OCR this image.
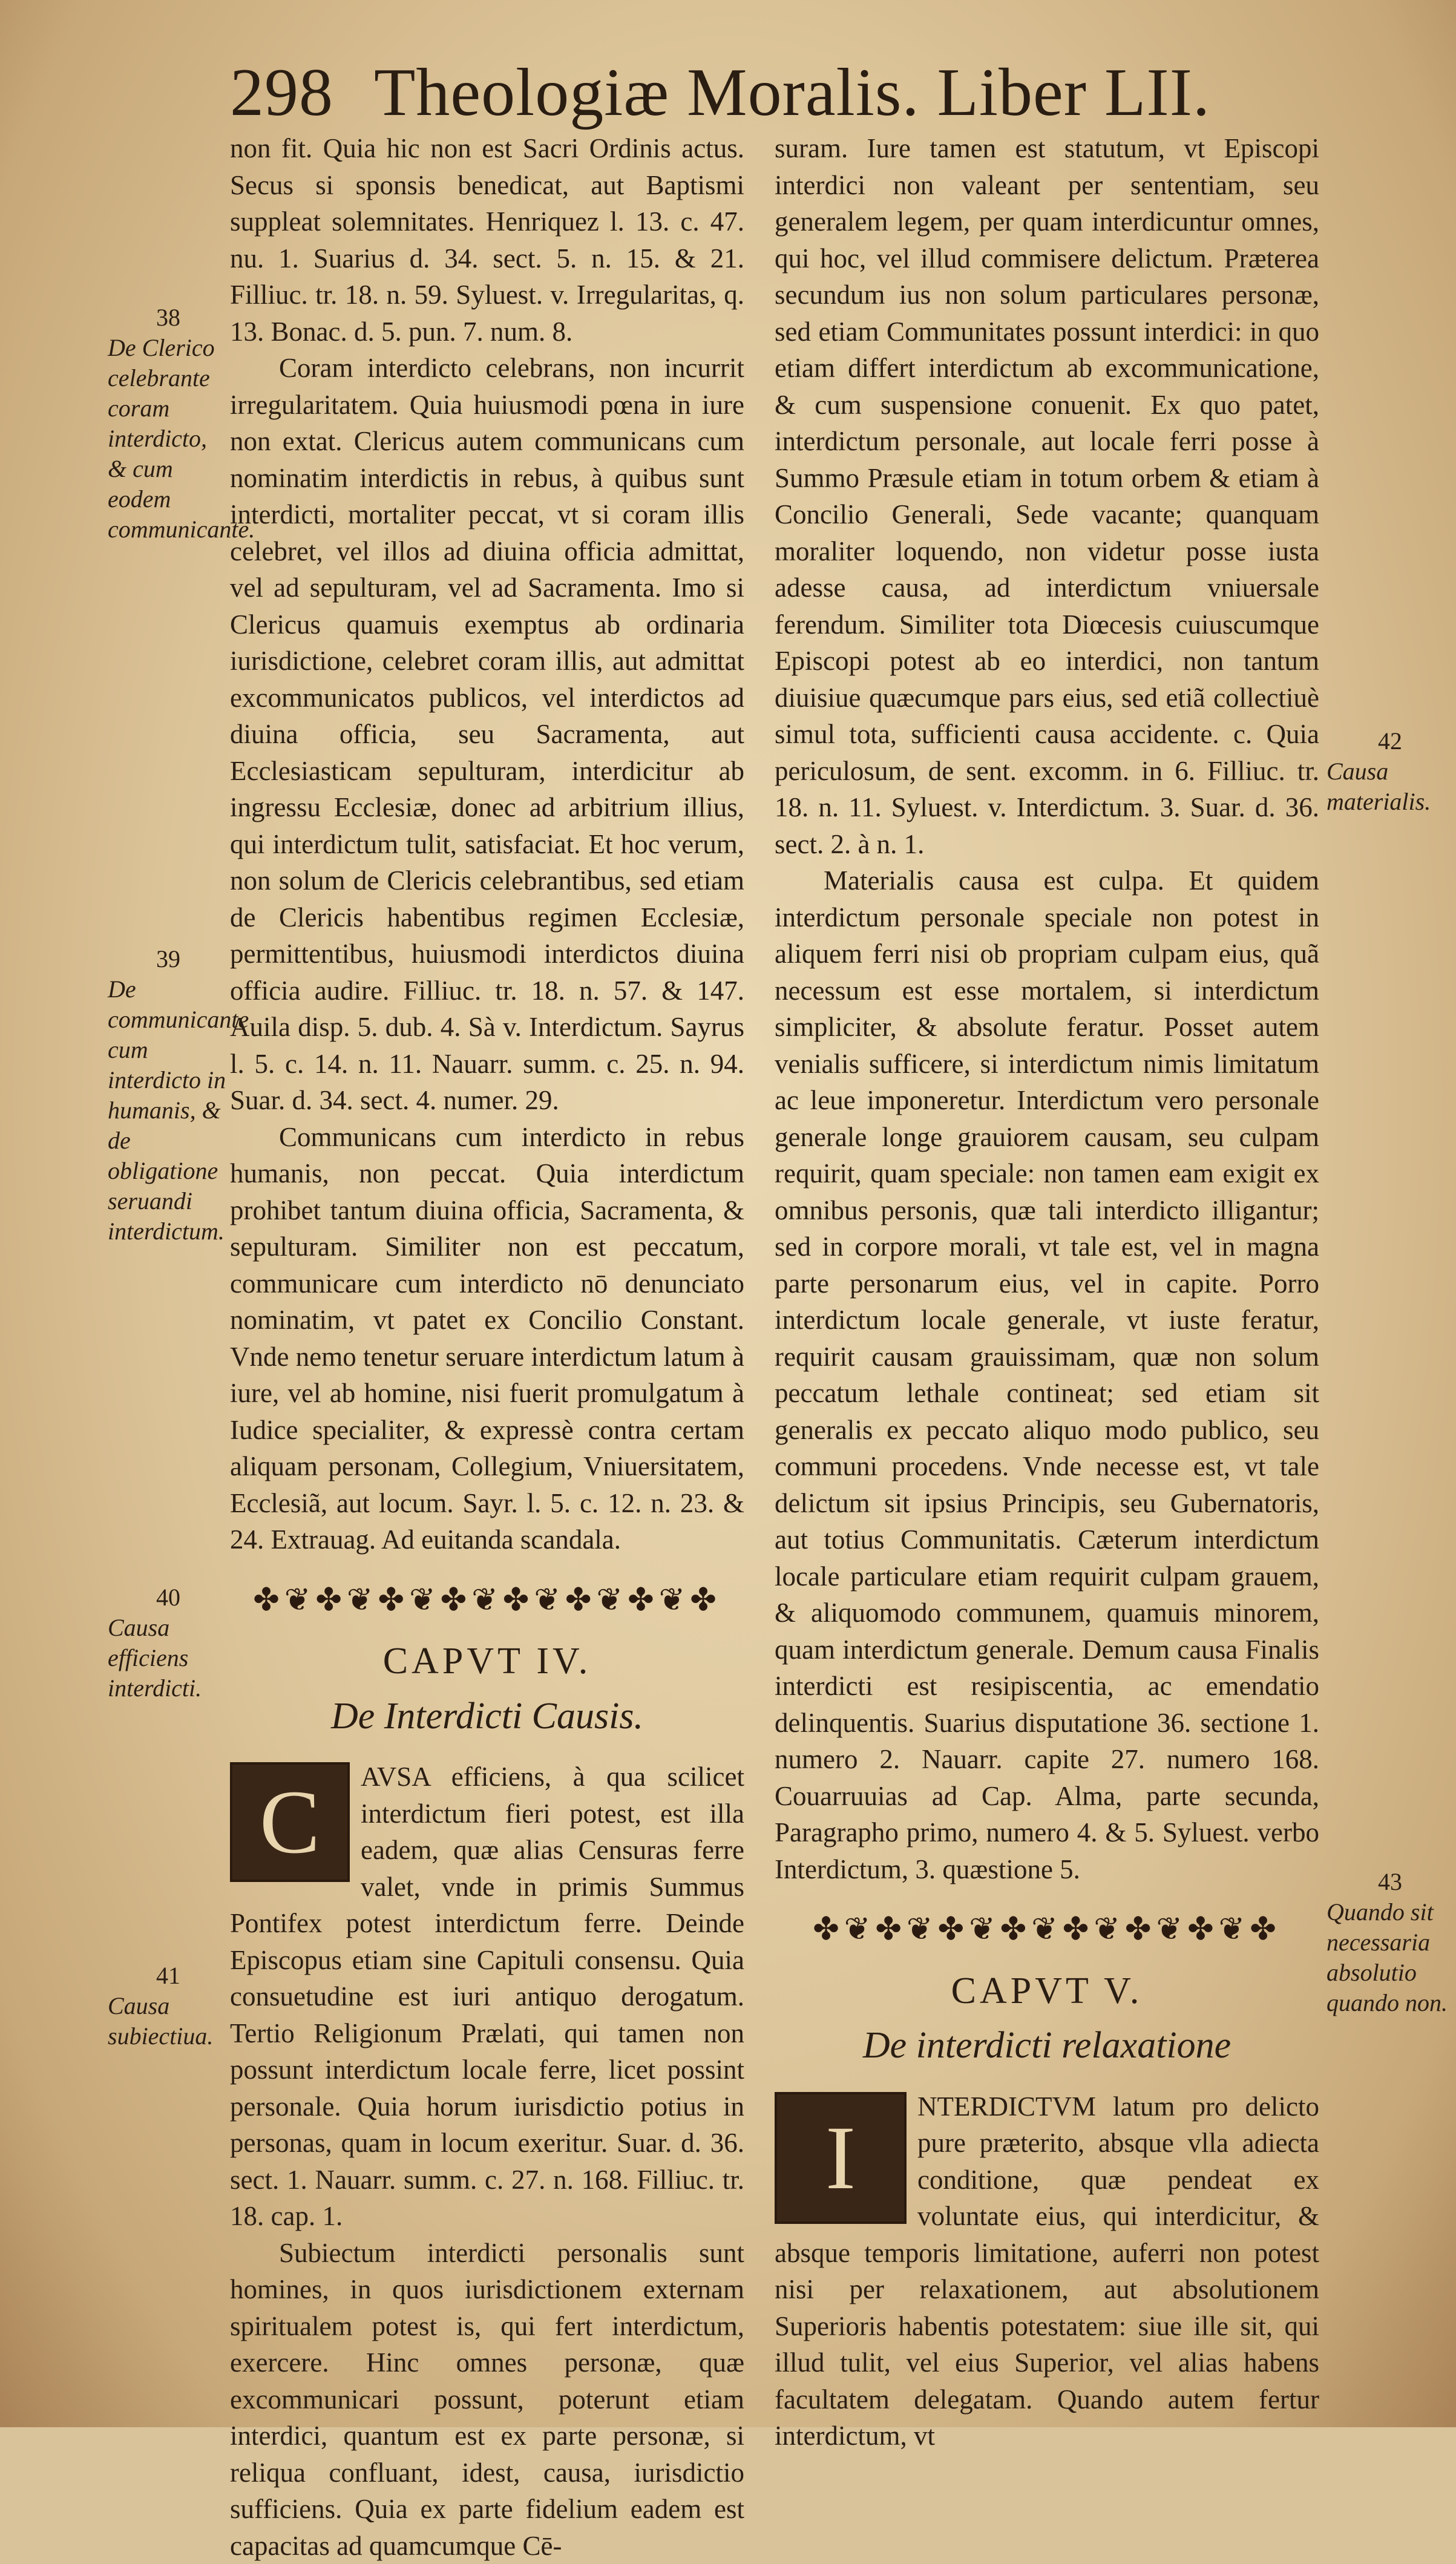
298 Theologiæ Moralis. Liber LII.
38
De Clerico celebrante coram interdicto, & cum eodem communicante.
39
De communicante cum interdicto in humanis, & de obligatione seruandi interdictum.
40
Causa efficiens interdicti.
41
Causa subiectiua.
42
Causa materialis.
43
Quando sit necessaria absolutio quando non.

non fit. Quia hic non est Sacri Ordinis actus. Secus si sponsis benedicat, aut Baptismi suppleat solemnitates. Henriquez l. 13. c. 47. nu. 1. Suarius d. 34. sect. 5. n. 15. & 21. Filliuc. tr. 18. n. 59. Syluest. v. Irregularitas, q. 13. Bonac. d. 5. pun. 7. num. 8.

Coram interdicto celebrans, non incurrit irregularitatem. Quia huiusmodi pœna in iure non extat. Clericus autem communicans cum nominatim interdictis in rebus, à quibus sunt interdicti, mortaliter peccat, vt si coram illis celebret, vel illos ad diuina officia admittat, vel ad sepulturam, vel ad Sacramenta. Imo si Clericus quamuis exemptus ab ordinaria iurisdictione, celebret coram illis, aut admittat excommunicatos publicos, vel interdictos ad diuina officia, seu Sacramenta, aut Ecclesiasticam sepulturam, interdicitur ab ingressu Ecclesiæ, donec ad arbitrium illius, qui interdictum tulit, satisfaciat. Et hoc verum, non solum de Clericis celebrantibus, sed etiam de Clericis habentibus regimen Ecclesiæ, permittentibus, huiusmodi interdictos diuina officia audire. Filliuc. tr. 18. n. 57. & 147. Auila disp. 5. dub. 4. Sà v. Interdictum. Sayrus l. 5. c. 14. n. 11. Nauarr. summ. c. 25. n. 94. Suar. d. 34. sect. 4. numer. 29.

Communicans cum interdicto in rebus humanis, non peccat. Quia interdictum prohibet tantum diuina officia, Sacramenta, & sepulturam. Similiter non est peccatum, communicare cum interdicto nō denunciato nominatim, vt patet ex Concilio Constant. Vnde nemo tenetur seruare interdictum latum à iure, vel ab homine, nisi fuerit promulgatum à Iudice specialiter, & expressè contra certam aliquam personam, Collegium, Vniuersitatem, Ecclesiã, aut locum. Sayr. l. 5. c. 12. n. 23. & 24. Extrauag. Ad euitanda scandala.

✤❦✤❦✤❦✤❦✤❦✤❦✤❦✤
CAPVT IV.
De Interdicti Causis.
C	AVSA efficiens, à qua scilicet interdictum fieri potest, est illa eadem, quæ alias Censuras ferre valet, vnde in primis Summus Pontifex potest interdictum ferre. Deinde Episcopus etiam sine Capituli consensu. Quia consuetudine est iuri antiquo derogatum. Tertio Religionum Prælati, qui tamen non possunt interdictum locale ferre, licet possint personale. Quia horum iurisdictio potius in personas, quam in locum exeritur. Suar. d. 36. sect. 1. Nauarr. summ. c. 27. n. 168. Filliuc. tr. 18. cap. 1.

Subiectum interdicti personalis sunt homines, in quos iurisdictionem externam spiritualem potest is, qui fert interdictum, exercere. Hinc omnes personæ, quæ excommunicari possunt, poterunt etiam interdici, quantum est ex parte personæ, si reliqua confluant, idest, causa, iurisdictio sufficiens. Quia ex parte fidelium eadem est capacitas ad quamcumque Cē-

suram. Iure tamen est statutum, vt Episcopi interdici non valeant per sententiam, seu generalem legem, per quam interdicuntur omnes, qui hoc, vel illud commisere delictum. Præterea secundum ius non solum particulares personæ, sed etiam Communitates possunt interdici: in quo etiam differt interdictum ab excommunicatione, & cum suspensione conuenit. Ex quo patet, interdictum personale, aut locale ferri posse à Summo Præsule etiam in totum orbem & etiam à Concilio Generali, Sede vacante; quanquam moraliter loquendo, non videtur posse iusta adesse causa, ad interdictum vniuersale ferendum. Similiter tota Diœcesis cuiuscumque Episcopi potest ab eo interdici, non tantum diuisiue quæcumque pars eius, sed etiã collectiuè simul tota, sufficienti causa accidente. c. Quia periculosum, de sent. excomm. in 6. Filliuc. tr. 18. n. 11. Syluest. v. Interdictum. 3. Suar. d. 36. sect. 2. à n. 1.

Materialis causa est culpa. Et quidem interdictum personale speciale non potest in aliquem ferri nisi ob propriam culpam eius, quã necessum est esse mortalem, si interdictum simpliciter, & absolute feratur. Posset autem venialis sufficere, si interdictum nimis limitatum ac leue imponeretur. Interdictum vero personale generale longe grauiorem causam, seu culpam requirit, quam speciale: non tamen eam exigit ex omnibus personis, quæ tali interdicto illigantur; sed in corpore morali, vt tale est, vel in magna parte personarum eius, vel in capite. Porro interdictum locale generale, vt iuste feratur, requirit causam grauissimam, quæ non solum peccatum lethale contineat; sed etiam sit generalis ex peccato aliquo modo publico, seu communi procedens. Vnde necesse est, vt tale delictum sit ipsius Principis, seu Gubernatoris, aut totius Communitatis. Cæterum interdictum locale particulare etiam requirit culpam grauem, & aliquomodo communem, quamuis minorem, quam interdictum generale. Demum causa Finalis interdicti est resipiscentia, ac emendatio delinquentis. Suarius disputatione 36. sectione 1. numero 2. Nauarr. capite 27. numero 168. Couarruuias ad Cap. Alma, parte secunda, Paragrapho primo, numero 4. & 5. Syluest. verbo Interdictum, 3. quæstione 5.

✤❦✤❦✤❦✤❦✤❦✤❦✤❦✤
CAPVT V.
De interdicti relaxatione
I

NTERDICTVM latum pro delicto pure præterito, absque vlla adiecta conditione, quæ pendeat ex voluntate eius, qui interdicitur, & absque temporis limitatione, auferri non potest nisi per relaxationem, aut absolutionem Superioris habentis potestatem: siue ille sit, qui illud tulit, vel eius Superior, vel alias habens facultatem delegatam. Quando autem fertur interdictum, vt
